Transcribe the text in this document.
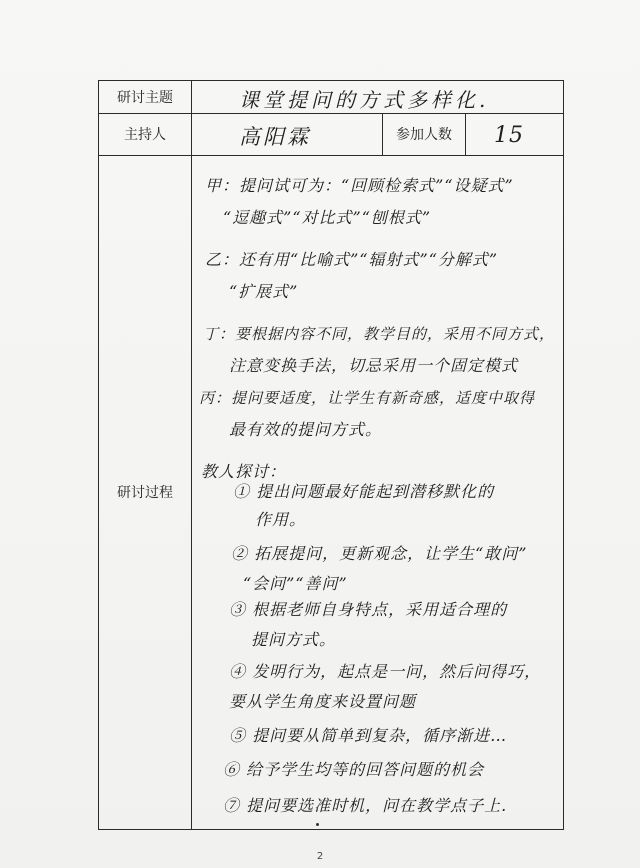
研讨主题	课堂提问的方式多样化.
主持人	高阳霖	参加人数	15
研讨过程
甲：提问试可为：“回顾检索式”“设疑式”
“逗趣式”“对比式”“刨根式”
乙：还有用“比喻式”“辐射式”“分解式”
“扩展式”
丁：要根据内容不同，教学目的，采用不同方式，
注意变换手法，切忌采用一个固定模式
丙：提问要适度，让学生有新奇感，适度中取得
最有效的提问方式。
教人探讨：
① 提出问题最好能起到潜移默化的
作用。
② 拓展提问，更新观念，让学生“敢问”
“会问”“善问”
③ 根据老师自身特点，采用适合理的
提问方式。
④ 发明行为，起点是一问，然后问得巧，
要从学生角度来设置问题
⑤ 提问要从简单到复杂，循序渐进…
⑥ 给予学生均等的回答问题的机会
⑦ 提问要选准时机，问在教学点子上.
2
